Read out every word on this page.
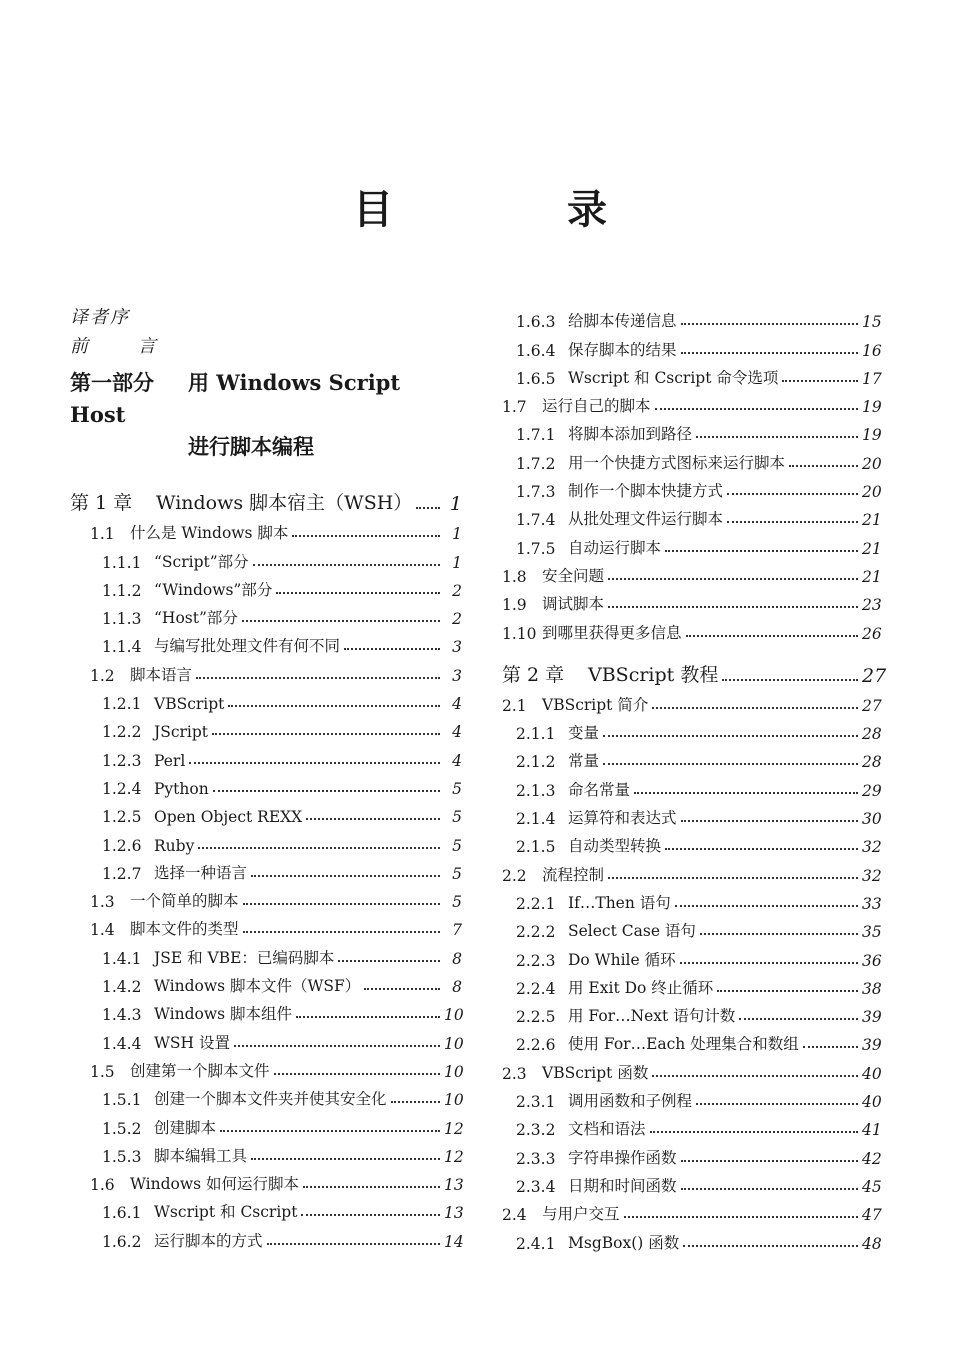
目 录
译者序
前 言
第一部分 用 Windows Script Host
进行脚本编程
第 1 章	Windows 脚本宿主（WSH）	1
1.1 什么是 Windows 脚本	1
1.1.1 “Script”部分	1
1.1.2 “Windows”部分	2
1.1.3 “Host”部分	2
1.1.4 与编写批处理文件有何不同	3
1.2 脚本语言	3
1.2.1 VBScript	4
1.2.2 JScript	4
1.2.3 Perl	4
1.2.4 Python	5
1.2.5 Open Object REXX	5
1.2.6 Ruby	5
1.2.7 选择一种语言	5
1.3 一个简单的脚本	5
1.4 脚本文件的类型	7
1.4.1 JSE 和 VBE：已编码脚本	8
1.4.2 Windows 脚本文件（WSF）	8
1.4.3 Windows 脚本组件	10
1.4.4 WSH 设置	10
1.5 创建第一个脚本文件	10
1.5.1 创建一个脚本文件夹并使其安全化	10
1.5.2 创建脚本	12
1.5.3 脚本编辑工具	12
1.6 Windows 如何运行脚本	13
1.6.1 Wscript 和 Cscript	13
1.6.2 运行脚本的方式	14
1.6.3 给脚本传递信息	15
1.6.4 保存脚本的结果	16
1.6.5 Wscript 和 Cscript 命令选项	17
1.7 运行自己的脚本	19
1.7.1 将脚本添加到路径	19
1.7.2 用一个快捷方式图标来运行脚本	20
1.7.3 制作一个脚本快捷方式	20
1.7.4 从批处理文件运行脚本	21
1.7.5 自动运行脚本	21
1.8 安全问题	21
1.9 调试脚本	23
1.10 到哪里获得更多信息	26
第 2 章	VBScript 教程	27
2.1 VBScript 简介	27
2.1.1 变量	28
2.1.2 常量	28
2.1.3 命名常量	29
2.1.4 运算符和表达式	30
2.1.5 自动类型转换	32
2.2 流程控制	32
2.2.1 If…Then 语句	33
2.2.2 Select Case 语句	35
2.2.3 Do While 循环	36
2.2.4 用 Exit Do 终止循环	38
2.2.5 用 For…Next 语句计数	39
2.2.6 使用 For…Each 处理集合和数组	39
2.3 VBScript 函数	40
2.3.1 调用函数和子例程	40
2.3.2 文档和语法	41
2.3.3 字符串操作函数	42
2.3.4 日期和时间函数	45
2.4 与用户交互	47
2.4.1 MsgBox() 函数	48
